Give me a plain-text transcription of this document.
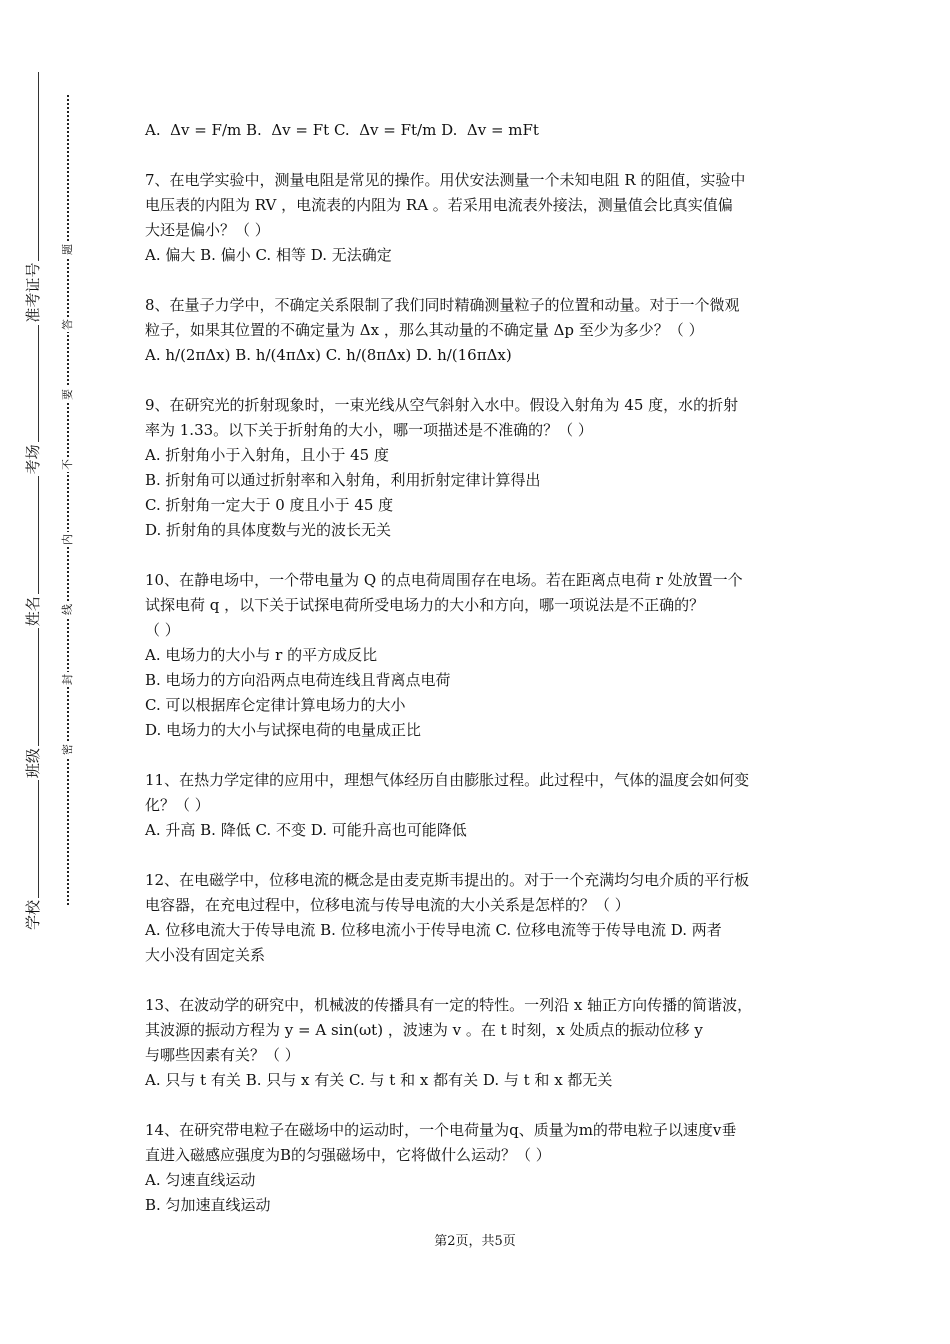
学校
班级
姓名
考场
准考证号
密
封
线
内
不
要
答
题
A.  Δv = F/m B.  Δv = Ft C.  Δv = Ft/m D.  Δv = mFt
7、在电学实验中，测量电阻是常见的操作。用伏安法测量一个未知电阻 R 的阻值，实验中
电压表的内阻为 RV ，电流表的内阻为 RA 。若采用电流表外接法，测量值会比真实值偏
大还是偏小？（ ）
A. 偏大 B. 偏小 C. 相等 D. 无法确定
8、在量子力学中，不确定关系限制了我们同时精确测量粒子的位置和动量。对于一个微观
粒子，如果其位置的不确定量为 Δx ，那么其动量的不确定量 Δp 至少为多少？（ ）
A. h/(2πΔx) B. h/(4πΔx) C. h/(8πΔx) D. h/(16πΔx)
9、在研究光的折射现象时，一束光线从空气斜射入水中。假设入射角为 45 度，水的折射
率为 1.33。以下关于折射角的大小，哪一项描述是不准确的？（ ）
A. 折射角小于入射角，且小于 45 度
B. 折射角可以通过折射率和入射角，利用折射定律计算得出
C. 折射角一定大于 0 度且小于 45 度
D. 折射角的具体度数与光的波长无关
10、在静电场中，一个带电量为 Q 的点电荷周围存在电场。若在距离点电荷 r 处放置一个
试探电荷 q ，以下关于试探电荷所受电场力的大小和方向，哪一项说法是不正确的？
（ ）
A. 电场力的大小与 r 的平方成反比
B. 电场力的方向沿两点电荷连线且背离点电荷
C. 可以根据库仑定律计算电场力的大小
D. 电场力的大小与试探电荷的电量成正比
11、在热力学定律的应用中，理想气体经历自由膨胀过程。此过程中，气体的温度会如何变
化？（ ）
A. 升高 B. 降低 C. 不变 D. 可能升高也可能降低
12、在电磁学中，位移电流的概念是由麦克斯韦提出的。对于一个充满均匀电介质的平行板
电容器，在充电过程中，位移电流与传导电流的大小关系是怎样的？（ ）
A. 位移电流大于传导电流 B. 位移电流小于传导电流 C. 位移电流等于传导电流 D. 两者
大小没有固定关系
13、在波动学的研究中，机械波的传播具有一定的特性。一列沿 x 轴正方向传播的简谐波，
其波源的振动方程为 y = A sin(ωt) ，波速为 v 。在 t 时刻，x 处质点的振动位移 y
与哪些因素有关？（ ）
A. 只与 t 有关 B. 只与 x 有关 C. 与 t 和 x 都有关 D. 与 t 和 x 都无关
14、在研究带电粒子在磁场中的运动时，一个电荷量为q、质量为m的带电粒子以速度v垂
直进入磁感应强度为B的匀强磁场中，它将做什么运动？（ ）
A. 匀速直线运动
B. 匀加速直线运动
第2页，共5页
